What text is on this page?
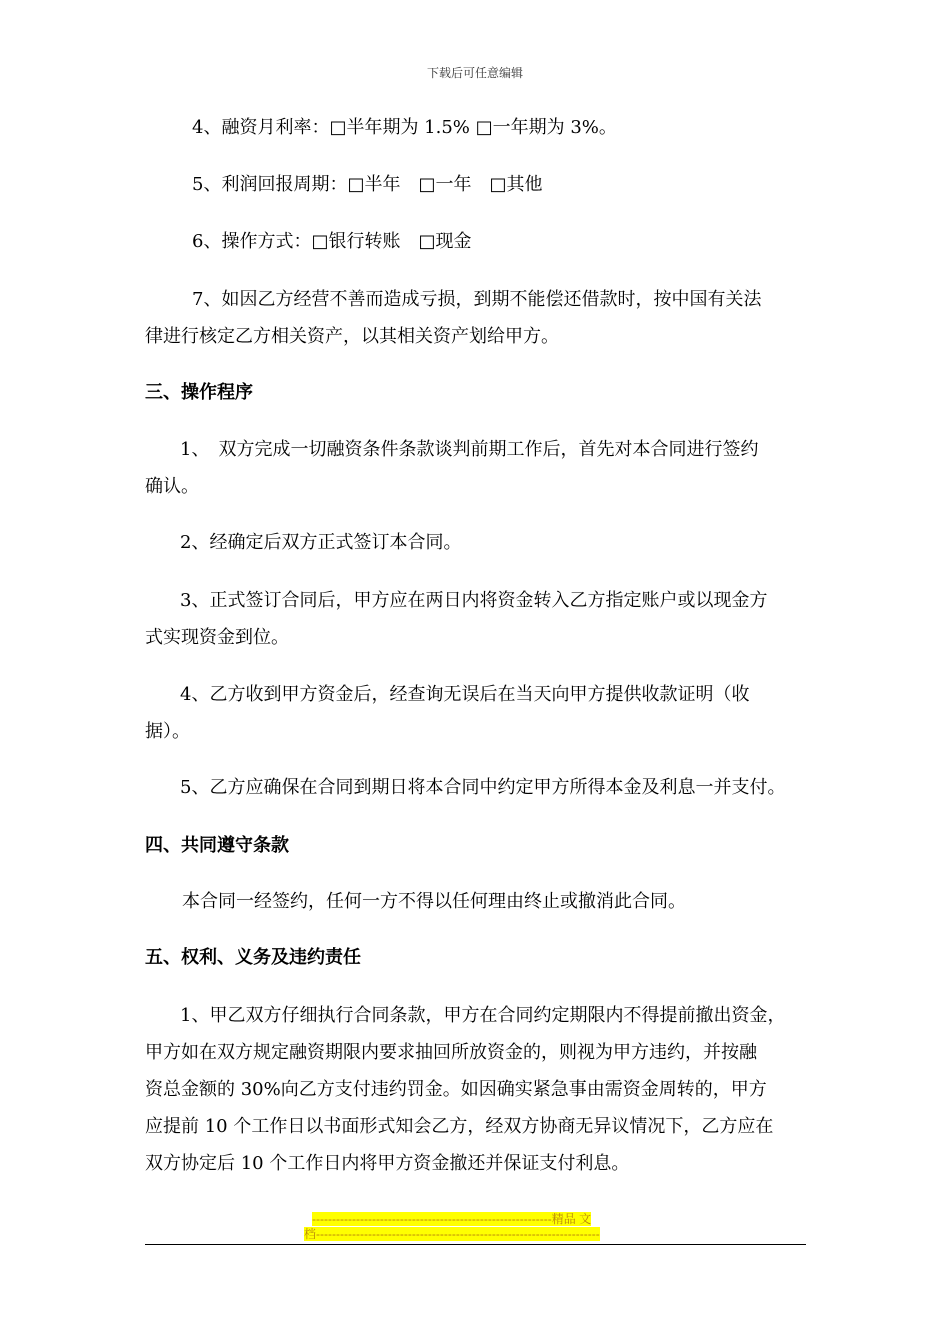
下载后可任意编辑
4、融资月利率：□半年期为 1.5% □一年期为 3%。
5、利润回报周期：□半年　□一年　□其他
6、操作方式：□银行转账　□现金
7、如因乙方经营不善而造成亏损，到期不能偿还借款时，按中国有关法
律进行核定乙方相关资产，以其相关资产划给甲方。
三、操作程序
1、　双方完成一切融资条件条款谈判前期工作后，首先对本合同进行签约
确认。
2、经确定后双方正式签订本合同。
3、正式签订合同后，甲方应在两日内将资金转入乙方指定账户或以现金方
式实现资金到位。
4、乙方收到甲方资金后，经查询无误后在当天向甲方提供收款证明（收
据）。
5、乙方应确保在合同到期日将本合同中约定甲方所得本金及利息一并支付。
四、共同遵守条款
本合同一经签约，任何一方不得以任何理由终止或撤消此合同。
五、权利、义务及违约责任
1、甲乙双方仔细执行合同条款，甲方在合同约定期限内不得提前撤出资金，
甲方如在双方规定融资期限内要求抽回所放资金的，则视为甲方违约，并按融
资总金额的 30%向乙方支付违约罚金。如因确实紧急事由需资金周转的，甲方
应提前 10 个工作日以书面形式知会乙方，经双方协商无异议情况下，乙方应在
双方协定后 10 个工作日内将甲方资金撤还并保证支付利息。
------------------------------------------------------------精品 文
档-----------------------------------------------------------------------
